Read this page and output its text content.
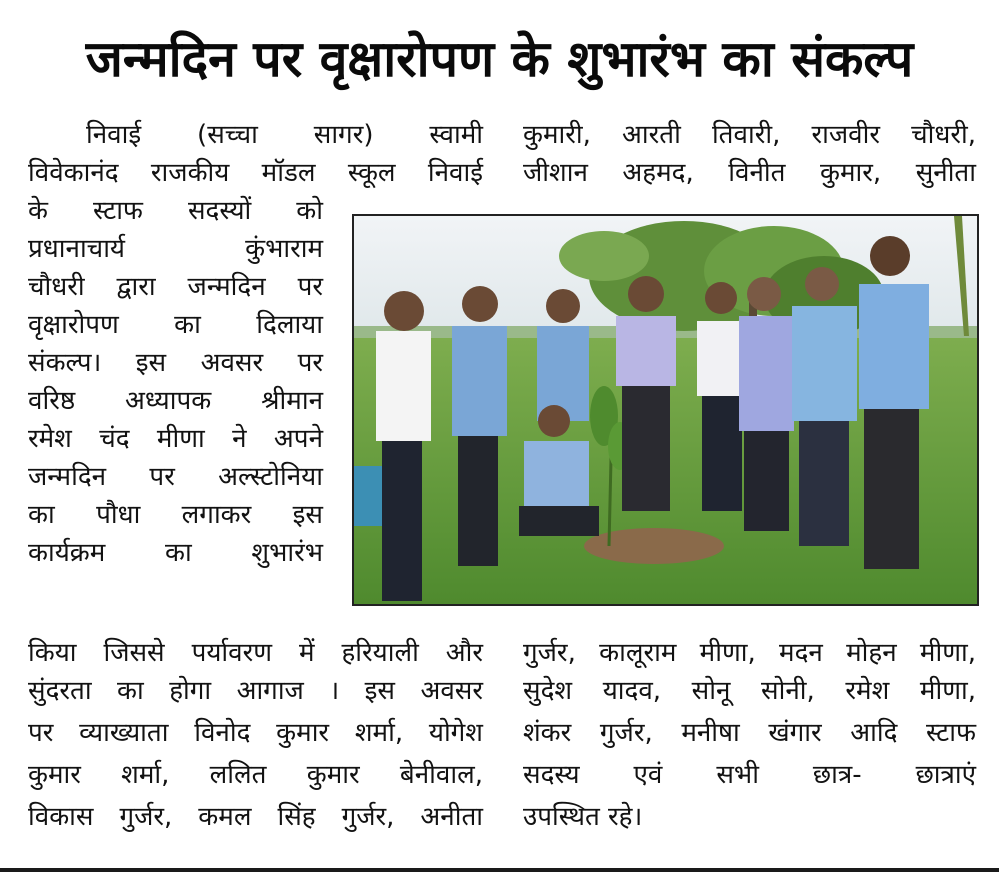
जन्मदिन पर वृक्षारोपण के शुभारंभ का संकल्प
निवाई (सच्चा सागर) स्वामी
विवेकानंद राजकीय मॉडल स्कूल निवाई
के स्टाफ सदस्यों को
प्रधानाचार्य कुंभाराम
चौधरी द्वारा जन्मदिन पर
वृक्षारोपण का दिलाया
संकल्प। इस अवसर पर
वरिष्ठ अध्यापक श्रीमान
रमेश चंद मीणा ने अपने
जन्मदिन पर अल्स्टोनिया
का पौधा लगाकर इस
कार्यक्रम का शुभारंभ
कुमारी, आरती तिवारी, राजवीर चौधरी,
जीशान अहमद, विनीत कुमार, सुनीता
किया जिससे पर्यावरण में हरियाली और
सुंदरता का होगा आगाज । इस अवसर
पर व्याख्याता विनोद कुमार शर्मा, योगेश
कुमार शर्मा, ललित कुमार बेनीवाल,
विकास गुर्जर, कमल सिंह गुर्जर, अनीता
गुर्जर, कालूराम मीणा, मदन मोहन मीणा,
सुदेश यादव, सोनू सोनी, रमेश मीणा,
शंकर गुर्जर, मनीषा खंगार आदि स्टाफ
सदस्य एवं सभी छात्र- छात्राएं
उपस्थित रहे।
